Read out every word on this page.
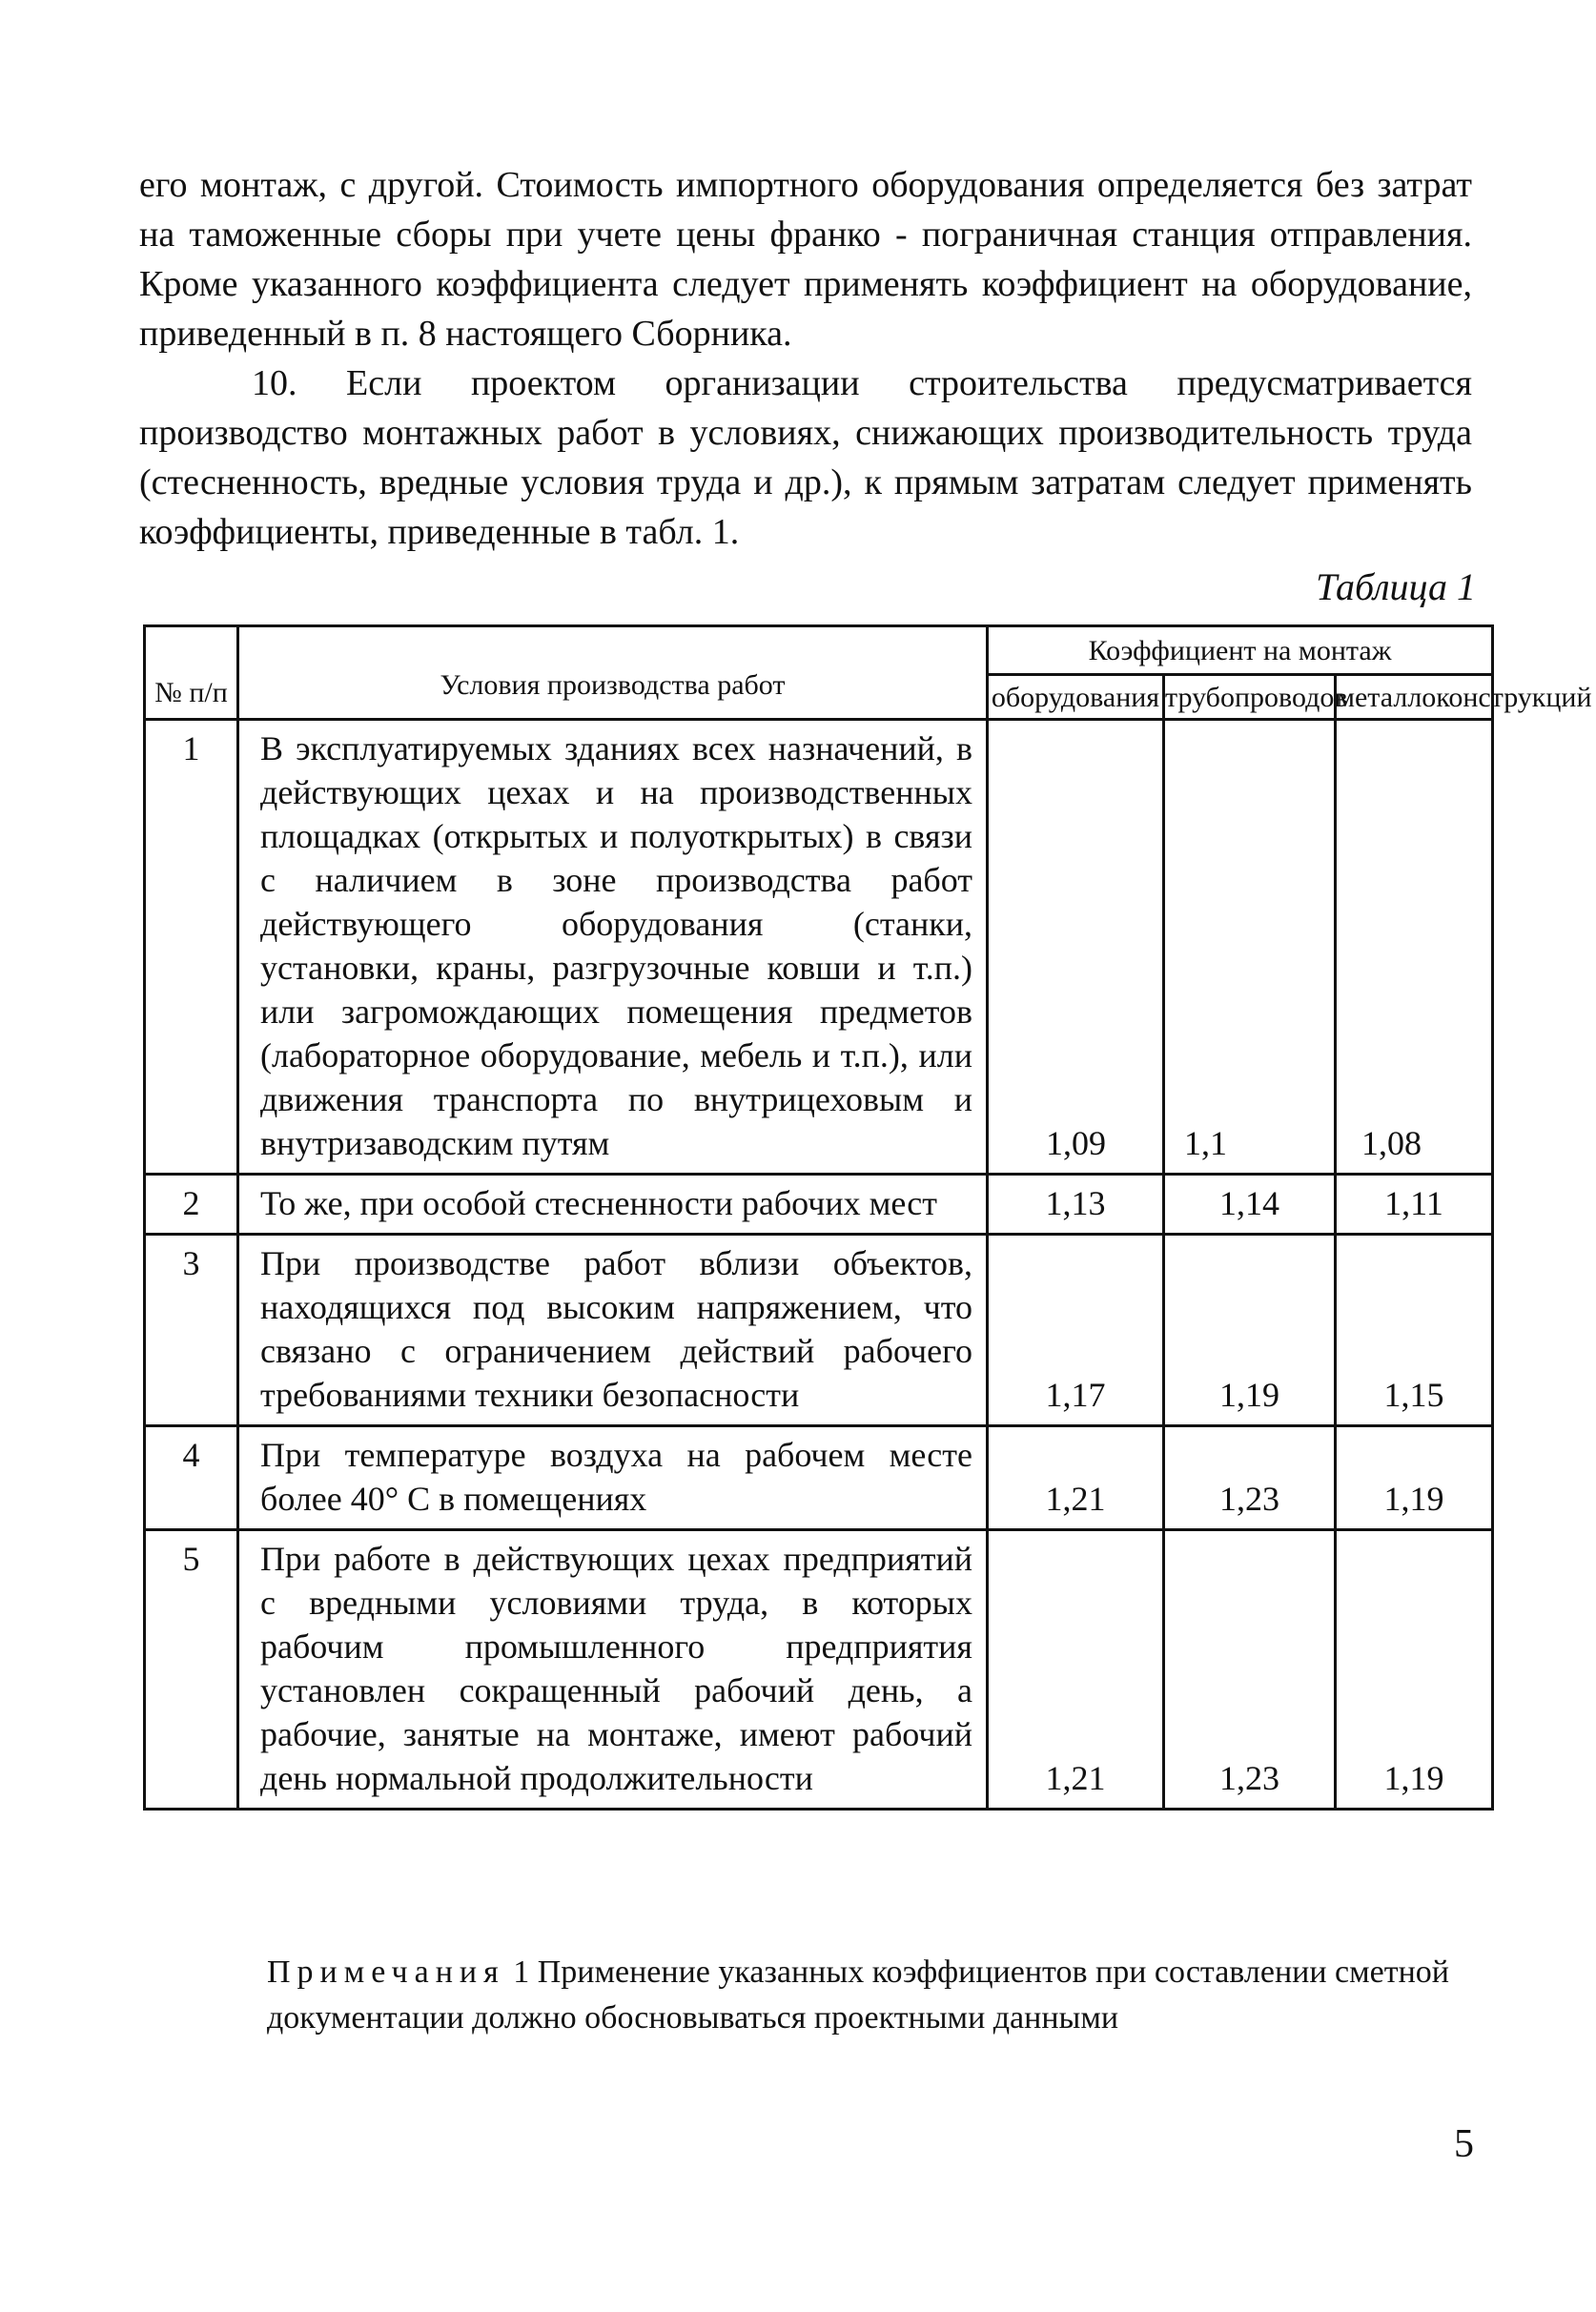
его монтаж, с другой. Стоимость импортного оборудования определяется без затрат на таможенные сборы при учете цены франко - пограничная станция отправления. Кроме указанного коэффициента следует применять коэффициент на оборудование, приведенный в п. 8 настоящего Сборника.

10. Если проектом организации строительства предусматривается производство монтажных работ в условиях, снижающих производительность труда (стесненность, вредные условия труда и др.), к прямым затратам следует применять коэффициенты, приведенные в табл. 1.

Таблица 1

№ п/п	Условия производства работ	Коэффициент на монтаж		
		оборудования	трубопроводов	металлоконструкций
1	В эксплуатируемых зданиях всех назначений, в действующих цехах и на производственных площадках (открытых и полуоткрытых) в связи с наличием в зоне производства работ действующего оборудования (станки, установки, краны, разгрузочные ковши и т.п.) или загромождающих помещения предметов (лабораторное оборудование, мебель и т.п.), или движения транспорта по внутрицеховым и внутризаводским путям	1,09	1,1	1,08
2	То же, при особой стесненности рабочих мест	1,13	1,14	1,11
3	При производстве работ вблизи объектов, находящихся под высоким напряжением, что связано с ограничением действий рабочего требованиями техники безопасности	1,17	1,19	1,15
4	При температуре воздуха на рабочем месте более 40° С в помещениях	1,21	1,23	1,19
5	При работе в действующих цехах предприятий с вредными условиями труда, в которых рабочим промышленного предприятия установлен сокращенный рабочий день, а рабочие, занятые на монтаже, имеют рабочий день нормальной продолжительности	1,21	1,23	1,19

Примечания 1 Применение указанных коэффициентов при составлении сметной документации должно обосновываться проектными данными

5
